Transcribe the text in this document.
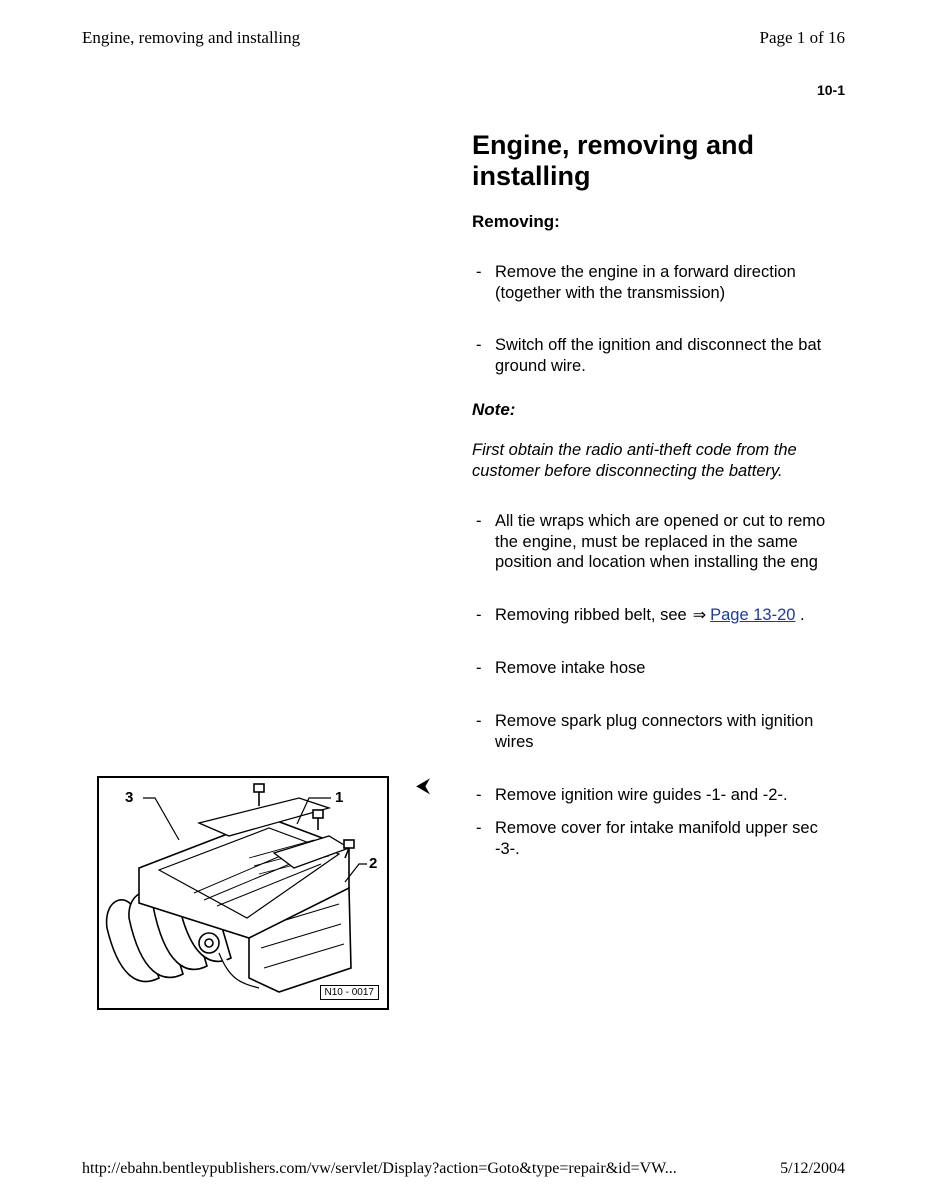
Engine, removing and installing	Page 1 of 16
10-1
Engine, removing and installing
Removing:
- Remove the engine in a forward direction
(together with the transmission)
- Switch off the ignition and disconnect the bat
ground wire.
Note:
First obtain the radio anti-theft code from the customer before disconnecting the battery.
- All tie wraps which are opened or cut to remo
the engine, must be replaced in the same
position and location when installing the eng
- Removing ribbed belt, see ⇒ Page 13-20 .
- Remove intake hose
- Remove spark plug connectors with ignition
wires
⮜	- Remove ignition wire guides -1- and -2-.
- Remove cover for intake manifold upper sec
-3-.
3	1
2
N10 - 0017
http://ebahn.bentleypublishers.com/vw/servlet/Display?action=Goto&type=repair&id=VW...	5/12/2004
